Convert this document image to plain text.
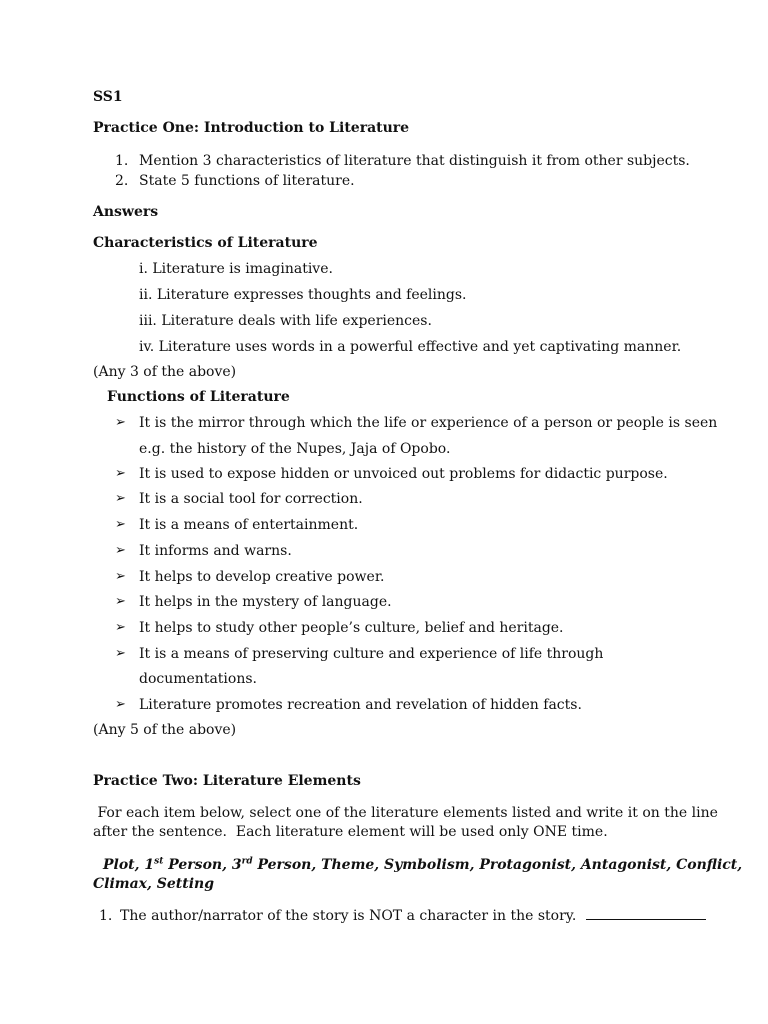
SS1
Practice One: Introduction to Literature
1. Mention 3 characteristics of literature that distinguish it from other subjects.
2. State 5 functions of literature.
Answers
Characteristics of Literature
i. Literature is imaginative.
ii. Literature expresses thoughts and feelings.
iii. Literature deals with life experiences.
iv. Literature uses words in a powerful effective and yet captivating manner.
(Any 3 of the above)
Functions of Literature
➢ It is the mirror through which the life or experience of a person or people is seen
e.g. the history of the Nupes, Jaja of Opobo.
➢ It is used to expose hidden or unvoiced out problems for didactic purpose.
➢ It is a social tool for correction.
➢ It is a means of entertainment.
➢ It informs and warns.
➢ It helps to develop creative power.
➢ It helps in the mystery of language.
➢ It helps to study other people’s culture, belief and heritage.
➢ It is a means of preserving culture and experience of life through
documentations.
➢ Literature promotes recreation and revelation of hidden facts.
(Any 5 of the above)
Practice Two: Literature Elements
For each item below, select one of the literature elements listed and write it on the line
after the sentence.  Each literature element will be used only ONE time.
Plot, 1st Person, 3rd Person, Theme, Symbolism, Protagonist, Antagonist, Conflict,
Climax, Setting
1. The author/narrator of the story is NOT a character in the story.
